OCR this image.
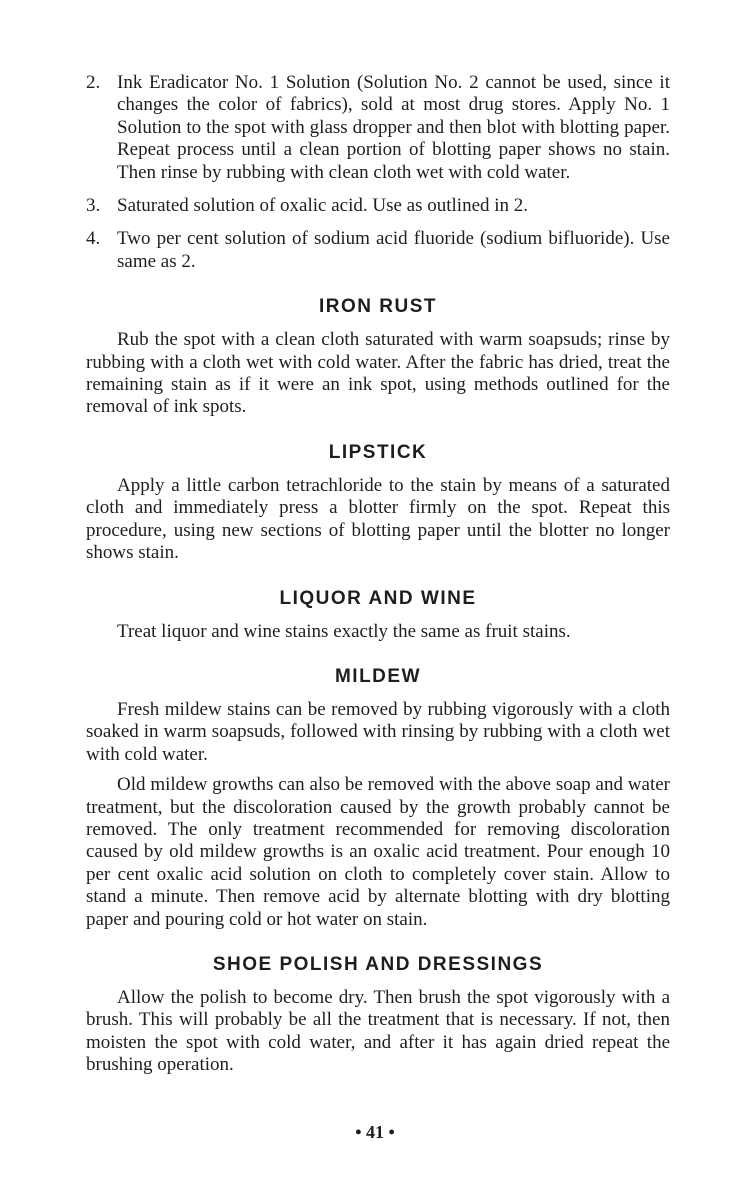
2. Ink Eradicator No. 1 Solution (Solution No. 2 cannot be used, since it changes the color of fabrics), sold at most drug stores. Apply No. 1 Solution to the spot with glass dropper and then blot with blotting paper. Repeat process until a clean portion of blotting paper shows no stain. Then rinse by rubbing with clean cloth wet with cold water.
3. Saturated solution of oxalic acid. Use as outlined in 2.
4. Two per cent solution of sodium acid fluoride (sodium bifluoride). Use same as 2.
IRON RUST

Rub the spot with a clean cloth saturated with warm soapsuds; rinse by rubbing with a cloth wet with cold water. After the fabric has dried, treat the remaining stain as if it were an ink spot, using methods outlined for the removal of ink spots.

LIPSTICK

Apply a little carbon tetrachloride to the stain by means of a saturated cloth and immediately press a blotter firmly on the spot. Repeat this procedure, using new sections of blotting paper until the blotter no longer shows stain.

LIQUOR AND WINE

Treat liquor and wine stains exactly the same as fruit stains.

MILDEW

Fresh mildew stains can be removed by rubbing vigorously with a cloth soaked in warm soapsuds, followed with rinsing by rubbing with a cloth wet with cold water.

Old mildew growths can also be removed with the above soap and water treatment, but the discoloration caused by the growth probably cannot be removed. The only treatment recommended for removing discoloration caused by old mildew growths is an oxalic acid treatment. Pour enough 10 per cent oxalic acid solution on cloth to completely cover stain. Allow to stand a minute. Then remove acid by alternate blotting with dry blotting paper and pouring cold or hot water on stain.

SHOE POLISH AND DRESSINGS

Allow the polish to become dry. Then brush the spot vigorously with a brush. This will probably be all the treatment that is necessary. If not, then moisten the spot with cold water, and after it has again dried repeat the brushing operation.

• 41 •
